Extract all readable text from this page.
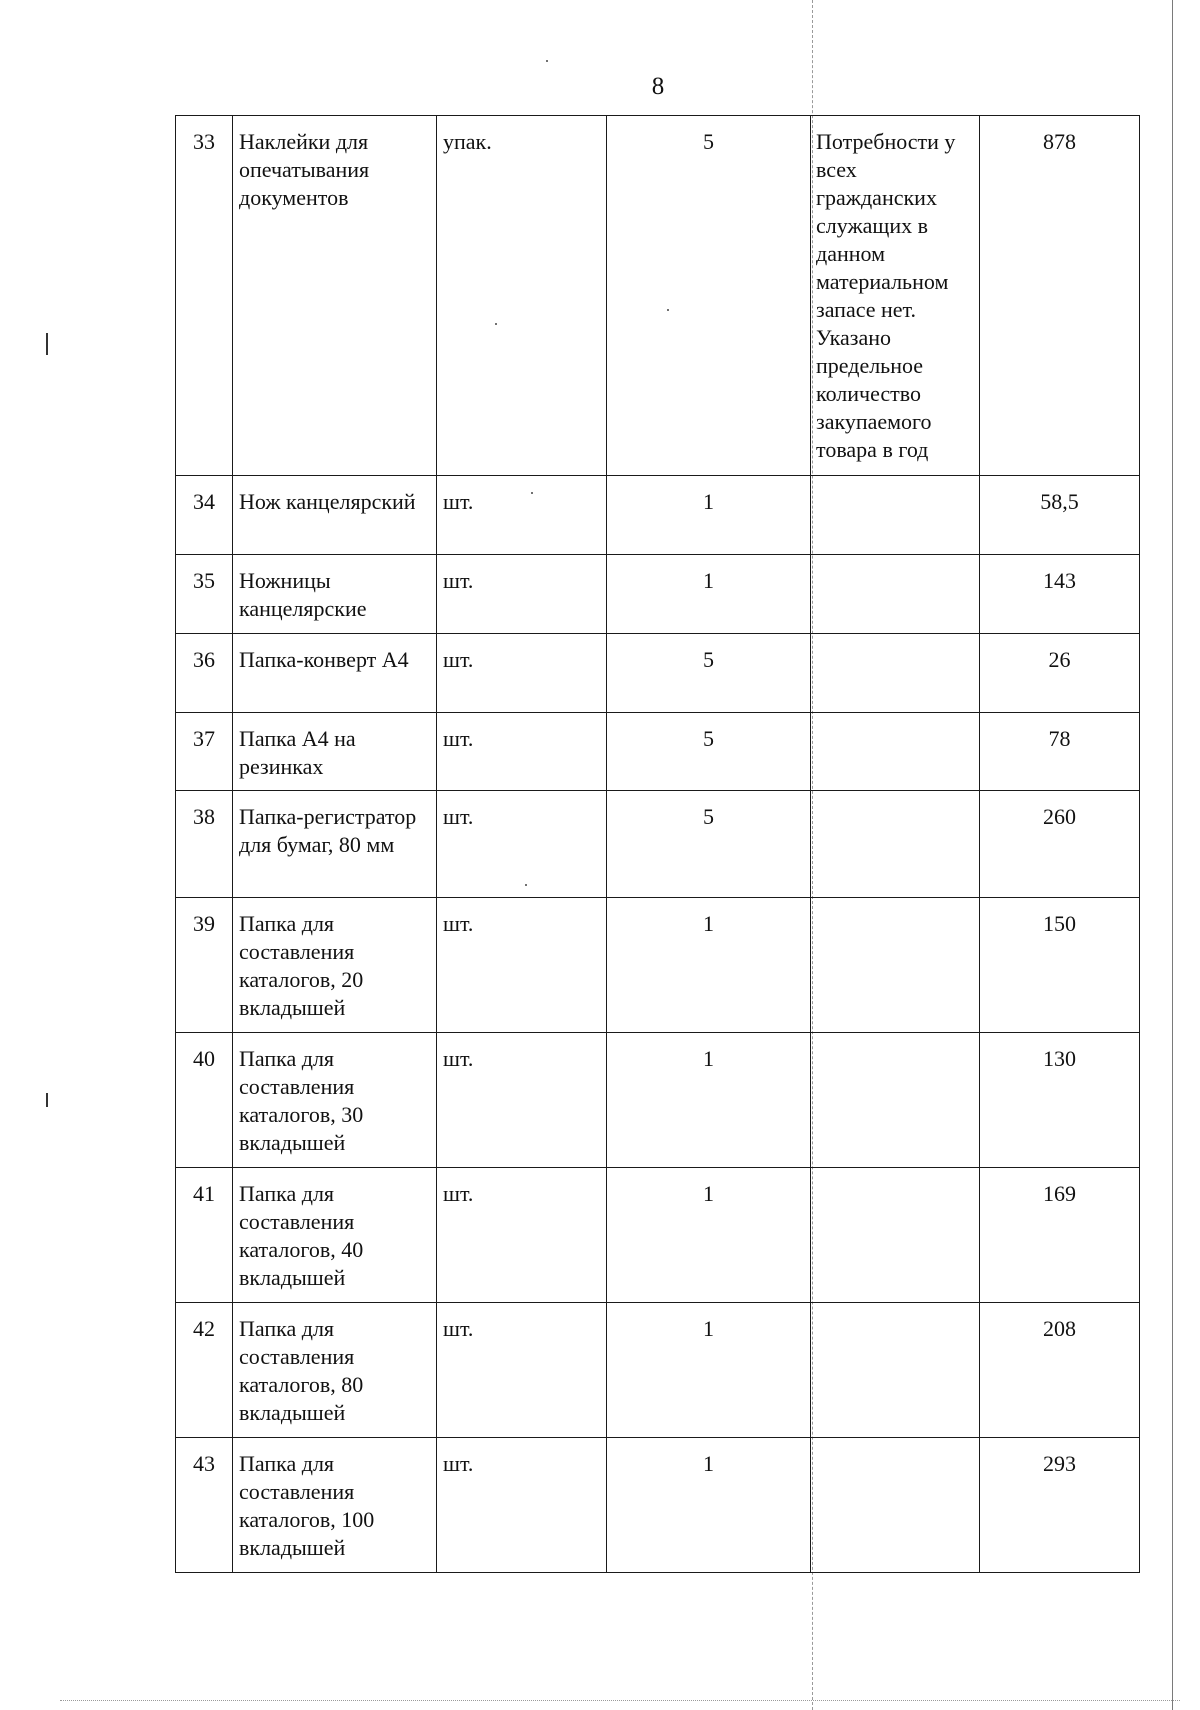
8
33	Наклейки для опечатывания документов	упак.	5	Потребности у всех гражданских служащих в данном материальном запасе нет. Указано предельное количество закупаемого товара в год	878
34	Нож канцелярский	шт.	1		58,5
35	Ножницы канцелярские	шт.	1		143
36	Папка-конверт А4	шт.	5		26
37	Папка А4 на резинках	шт.	5		78
38	Папка-регистратор для бумаг, 80 мм	шт.	5		260
39	Папка для составления каталогов, 20 вкладышей	шт.	1		150
40	Папка для составления каталогов, 30 вкладышей	шт.	1		130
41	Папка для составления каталогов, 40 вкладышей	шт.	1		169
42	Папка для составления каталогов, 80 вкладышей	шт.	1		208
43	Папка для составления каталогов, 100 вкладышей	шт.	1		293
